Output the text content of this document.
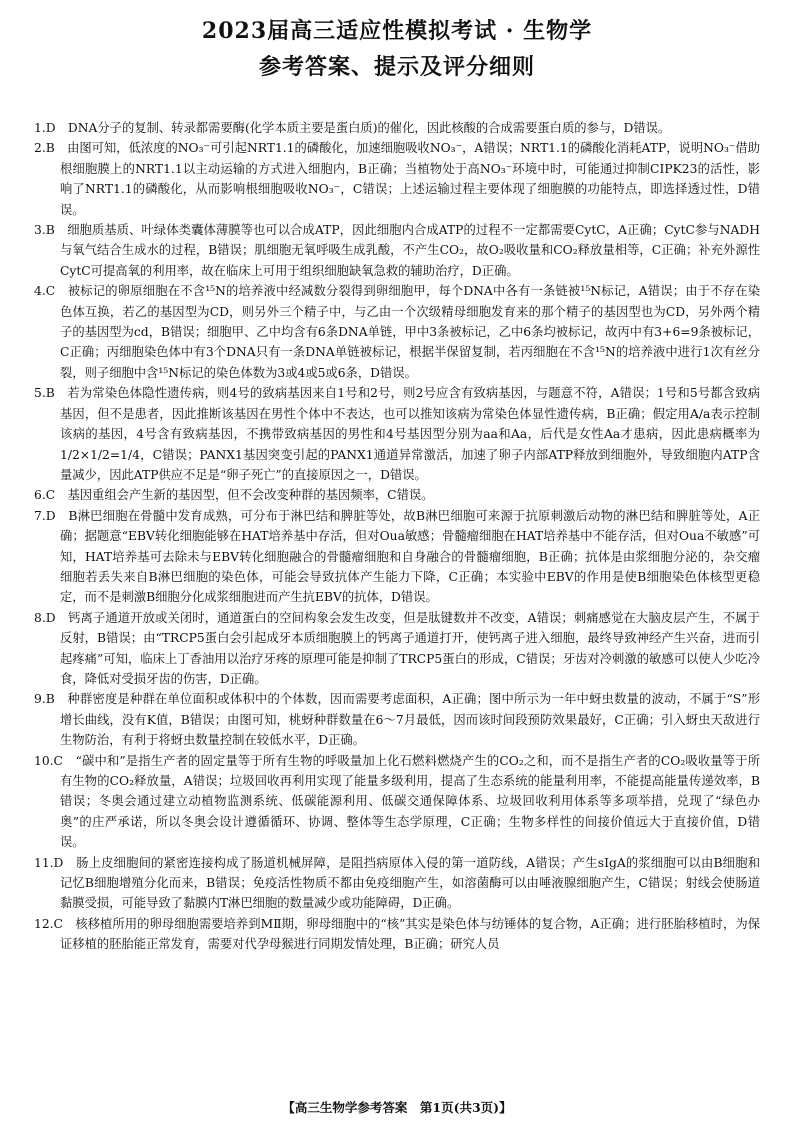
2023届高三适应性模拟考试 · 生物学
参考答案、提示及评分细则

1.D　DNA分子的复制、转录都需要酶(化学本质主要是蛋白质)的催化，因此核酸的合成需要蛋白质的参与，D错误。

2.B　由图可知，低浓度的NO₃⁻可引起NRT1.1的磷酸化，加速细胞吸收NO₃⁻，A错误；NRT1.1的磷酸化消耗ATP，说明NO₃⁻借助根细胞膜上的NRT1.1以主动运输的方式进入细胞内，B正确；当植物处于高NO₃⁻环境中时，可能通过抑制CIPK23的活性，影响了NRT1.1的磷酸化，从而影响根细胞吸收NO₃⁻，C错误；上述运输过程主要体现了细胞膜的功能特点，即选择透过性，D错误。

3.B　细胞质基质、叶绿体类囊体薄膜等也可以合成ATP，因此细胞内合成ATP的过程不一定都需要CytC，A正确；CytC参与NADH与氧气结合生成水的过程，B错误；肌细胞无氧呼吸生成乳酸，不产生CO₂，故O₂吸收量和CO₂释放量相等，C正确；补充外源性CytC可提高氧的利用率，故在临床上可用于组织细胞缺氧急救的辅助治疗，D正确。

4.C　被标记的卵原细胞在不含¹⁵N的培养液中经减数分裂得到卵细胞甲，每个DNA中各有一条链被¹⁵N标记，A错误；由于不存在染色体互换，若乙的基因型为CD，则另外三个精子中，与乙由一个次级精母细胞发育来的那个精子的基因型也为CD，另外两个精子的基因型为cd，B错误；细胞甲、乙中均含有6条DNA单链，甲中3条被标记，乙中6条均被标记，故丙中有3+6=9条被标记，C正确；丙细胞染色体中有3个DNA只有一条DNA单链被标记，根据半保留复制，若丙细胞在不含¹⁵N的培养液中进行1次有丝分裂，则子细胞中含¹⁵N标记的染色体数为3或4或5或6条，D错误。

5.B　若为常染色体隐性遗传病，则4号的致病基因来自1号和2号，则2号应含有致病基因，与题意不符，A错误；1号和5号都含致病基因，但不是患者，因此推断该基因在男性个体中不表达，也可以推知该病为常染色体显性遗传病，B正确；假定用A/a表示控制该病的基因，4号含有致病基因，不携带致病基因的男性和4号基因型分别为aa和Aa，后代是女性Aa才患病，因此患病概率为1/2×1/2=1/4，C错误；PANX1基因突变引起的PANX1通道异常激活，加速了卵子内部ATP释放到细胞外，导致细胞内ATP含量减少，因此ATP供应不足是“卵子死亡”的直接原因之一，D错误。

6.C　基因重组会产生新的基因型，但不会改变种群的基因频率，C错误。

7.D　B淋巴细胞在骨髓中发育成熟，可分布于淋巴结和脾脏等处，故B淋巴细胞可来源于抗原刺激后动物的淋巴结和脾脏等处，A正确；据题意“EBV转化细胞能够在HAT培养基中存活，但对Oua敏感；骨髓瘤细胞在HAT培养基中不能存活，但对Oua不敏感”可知，HAT培养基可去除未与EBV转化细胞融合的骨髓瘤细胞和自身融合的骨髓瘤细胞，B正确；抗体是由浆细胞分泌的，杂交瘤细胞若丢失来自B淋巴细胞的染色体，可能会导致抗体产生能力下降，C正确；本实验中EBV的作用是使B细胞染色体核型更稳定，而不是刺激B细胞分化成浆细胞进而产生抗EBV的抗体，D错误。

8.D　钙离子通道开放或关闭时，通道蛋白的空间构象会发生改变，但是肽键数并不改变，A错误；刺痛感觉在大脑皮层产生，不属于反射，B错误；由“TRCP5蛋白会引起成牙本质细胞膜上的钙离子通道打开，使钙离子进入细胞，最终导致神经产生兴奋，进而引起疼痛”可知，临床上丁香油用以治疗牙疼的原理可能是抑制了TRCP5蛋白的形成，C错误；牙齿对冷刺激的敏感可以使人少吃冷食，降低对受损牙齿的伤害，D正确。

9.B　种群密度是种群在单位面积或体积中的个体数，因而需要考虑面积，A正确；图中所示为一年中蚜虫数量的波动，不属于“S”形增长曲线，没有K值，B错误；由图可知，桃蚜种群数量在6～7月最低，因而该时间段预防效果最好，C正确；引入蚜虫天敌进行生物防治，有利于将蚜虫数量控制在较低水平，D正确。

10.C　“碳中和”是指生产者的固定量等于所有生物的呼吸量加上化石燃料燃烧产生的CO₂之和，而不是指生产者的CO₂吸收量等于所有生物的CO₂释放量，A错误；垃圾回收再利用实现了能量多级利用，提高了生态系统的能量利用率，不能提高能量传递效率，B错误；冬奥会通过建立动植物监测系统、低碳能源利用、低碳交通保障体系、垃圾回收利用体系等多项举措，兑现了“绿色办奥”的庄严承诺，所以冬奥会设计遵循循环、协调、整体等生态学原理，C正确；生物多样性的间接价值远大于直接价值，D错误。

11.D　肠上皮细胞间的紧密连接构成了肠道机械屏障，是阻挡病原体入侵的第一道防线，A错误；产生sIgA的浆细胞可以由B细胞和记忆B细胞增殖分化而来，B错误；免疫活性物质不都由免疫细胞产生，如溶菌酶可以由唾液腺细胞产生，C错误；射线会使肠道黏膜受损，可能导致了黏膜内T淋巴细胞的数量减少或功能障碍，D正确。

12.C　核移植所用的卵母细胞需要培养到MⅡ期，卵母细胞中的“核”其实是染色体与纺锤体的复合物，A正确；进行胚胎移植时，为保证移植的胚胎能正常发育，需要对代孕母猴进行同期发情处理，B正确；研究人员

【高三生物学参考答案　第1页(共3页)】
